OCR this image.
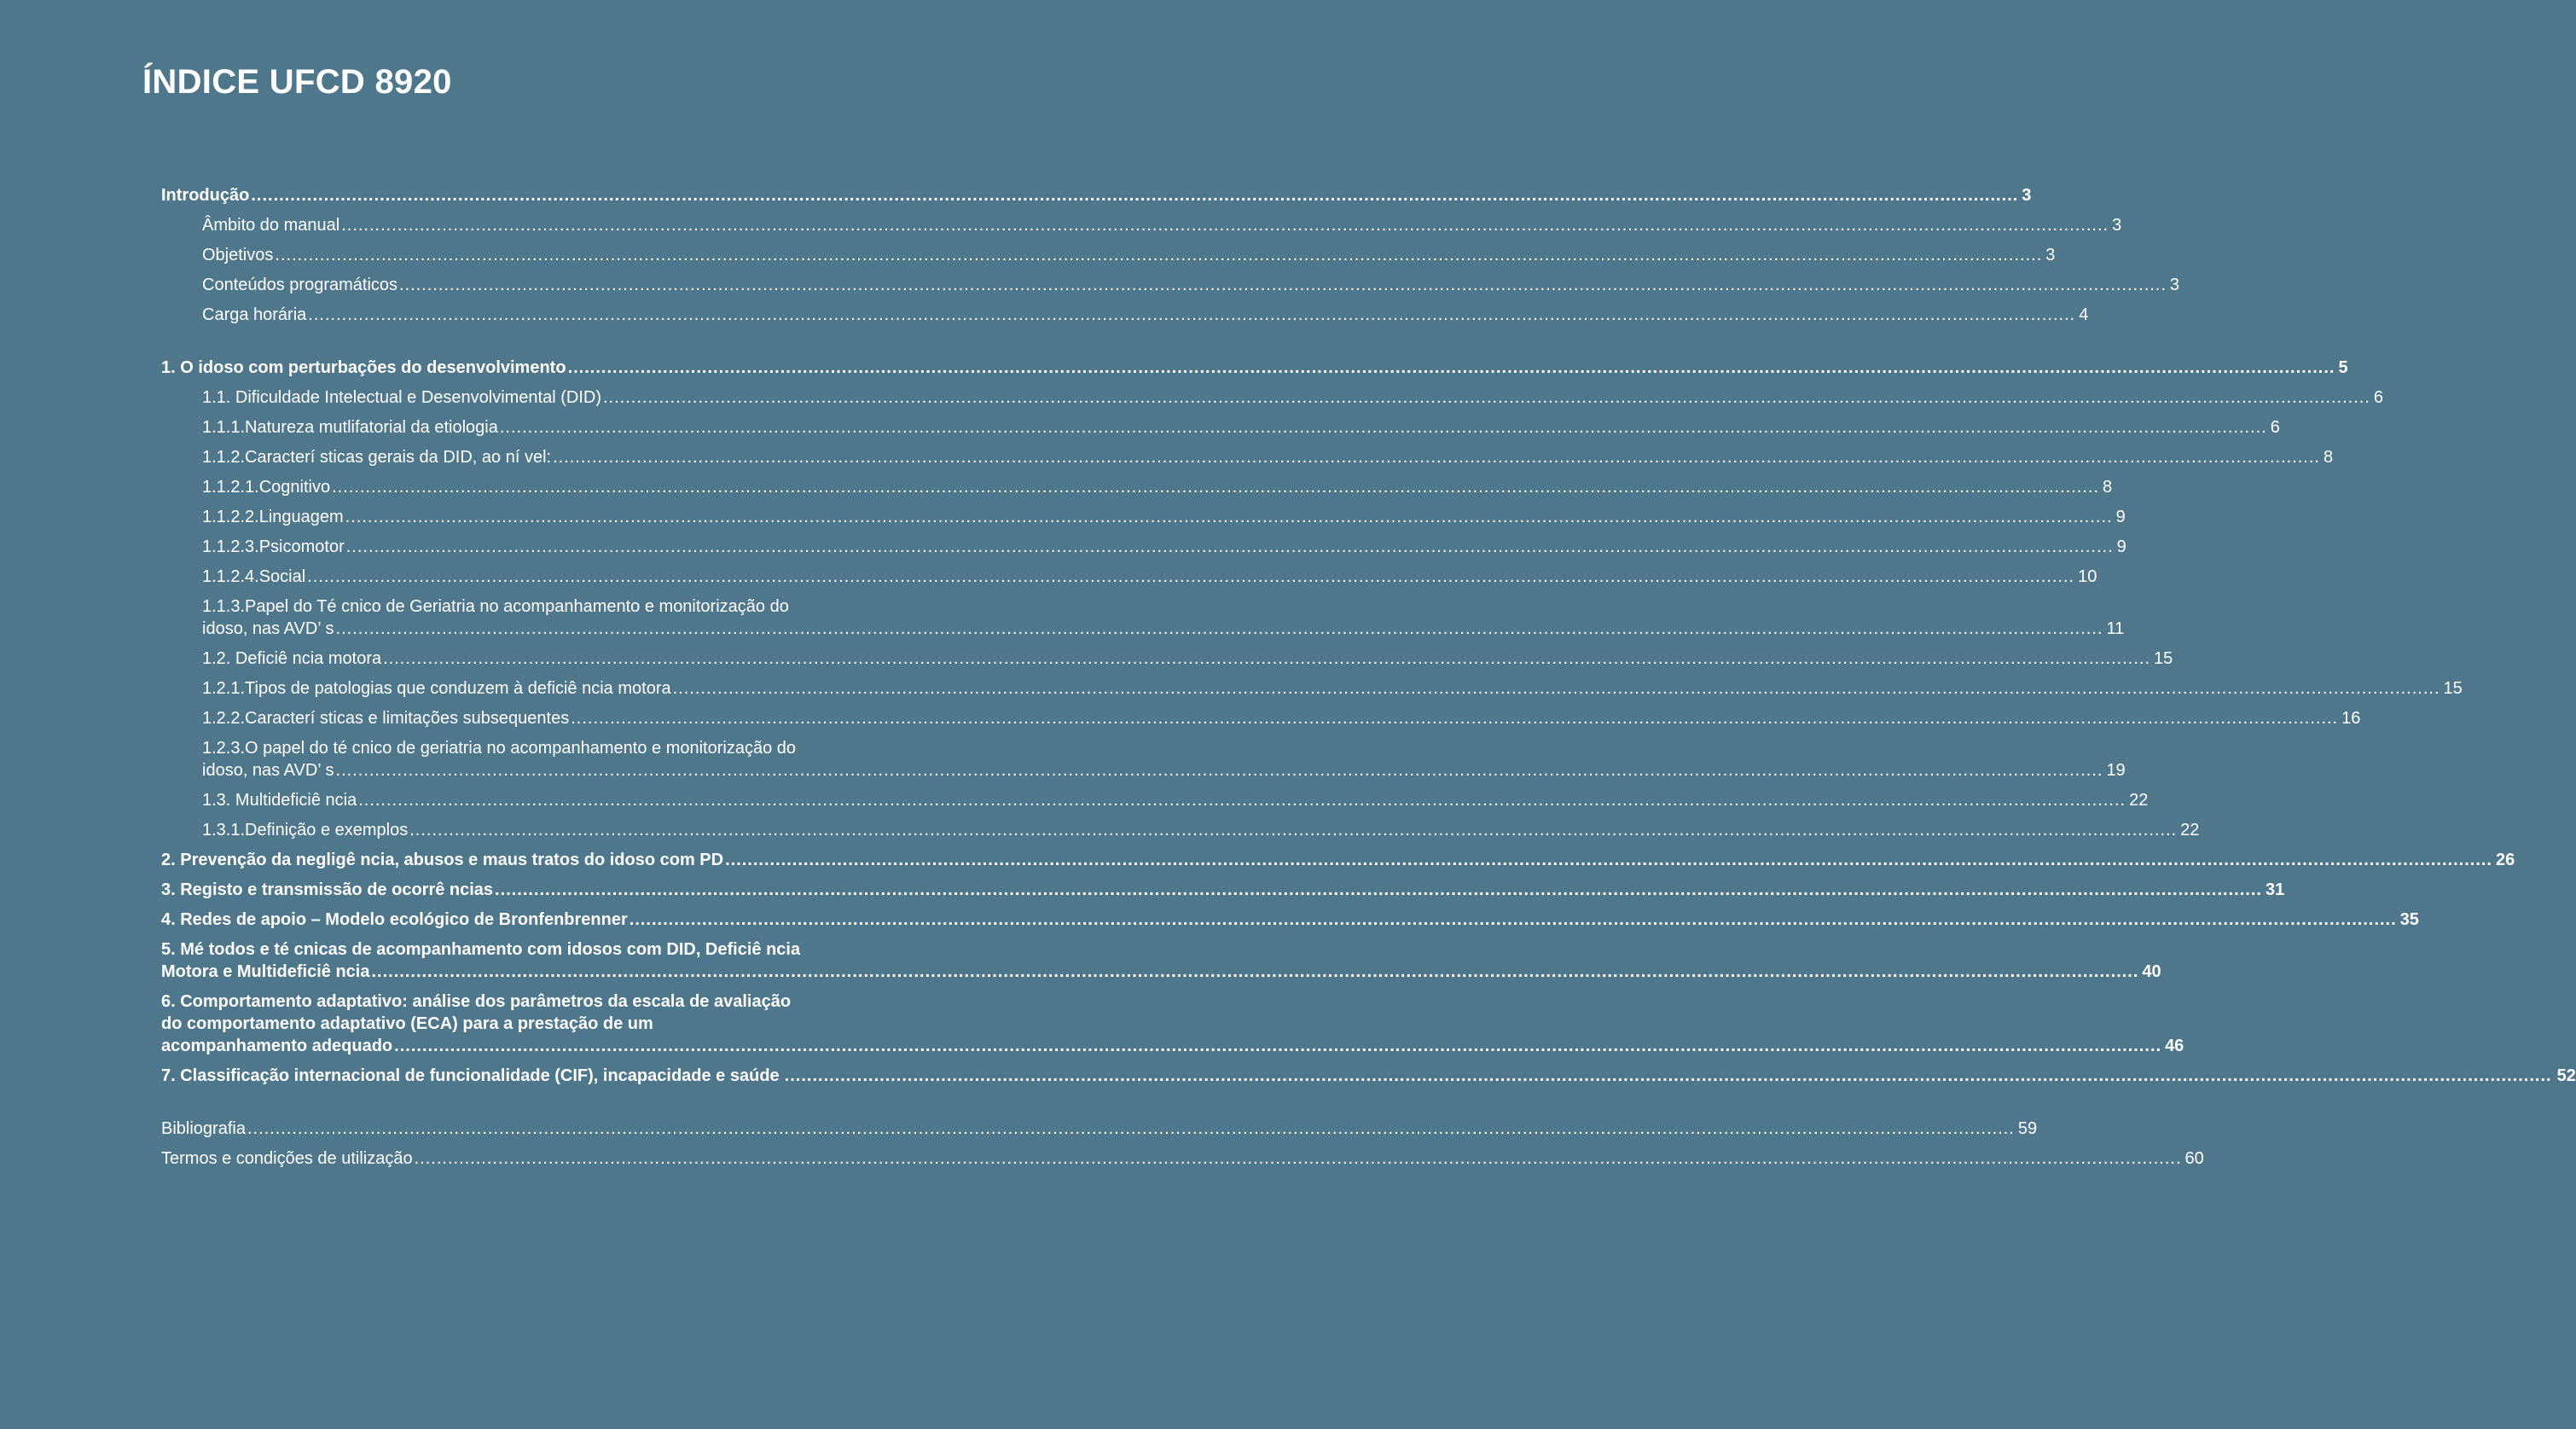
ÍNDICE UFCD 8920
Introdução .....	3
Âmbito do manual .....	3
Objetivos .....	3
Conteúdos programáticos .....	3
Carga horária .....	4
1. O idoso com perturbações do desenvolvimento .....	5
1.1. Dificuldade Intelectual e Desenvolvimental (DID) .....	6
1.1.1.Natureza mutlifatorial da etiologia .....	6
1.1.2.Caracterí sticas gerais da DID, ao ní vel: .....	8
1.1.2.1.Cognitivo .....	8
1.1.2.2.Linguagem .....	9
1.1.2.3.Psicomotor .....	9
1.1.2.4.Social .....	10
1.1.3.Papel do Té cnico de Geriatria no acompanhamento e monitorização do
idoso, nas AVD’ s .....	11
1.2. Deficiê ncia motora .....	15
1.2.1.Tipos de patologias que conduzem à deficiê ncia motora .....	15
1.2.2.Caracterí sticas e limitações subsequentes .....	16
1.2.3.O papel do té cnico de geriatria no acompanhamento e monitorização do
idoso, nas AVD’ s .....	19
1.3. Multideficiê ncia .....	22
1.3.1.Definição e exemplos .....	22
2. Prevenção da negligê ncia, abusos e maus tratos do idoso com PD .....	26
3. Registo e transmissão de ocorrê ncias .....	31
4. Redes de apoio – Modelo ecológico de Bronfenbrenner .....	35
5. Mé todos e té cnicas de acompanhamento com idosos com DID, Deficiê ncia
Motora e Multideficiê ncia .....	40
6. Comportamento adaptativo: análise dos parâmetros da escala de avaliação
do comportamento adaptativo (ECA) para a prestação de um
acompanhamento adequado .....	46
7. Classificação internacional de funcionalidade (CIF), incapacidade e saúde .....	52
Bibliografia .....	59
Termos e condições de utilização .....	60
